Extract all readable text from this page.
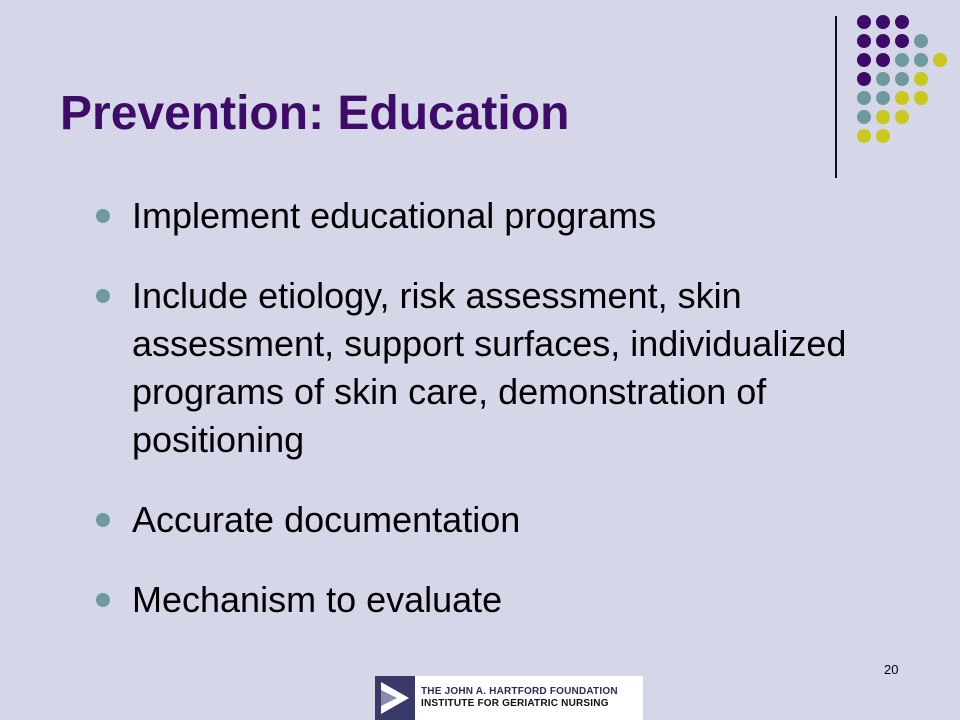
Prevention: Education
Implement educational programs
Include etiology, risk assessment, skin assessment, support surfaces, individualized programs of skin care, demonstration of positioning
Accurate documentation
Mechanism to evaluate
20
THE JOHN A. HARTFORD FOUNDATION
INSTITUTE FOR GERIATRIC NURSING
